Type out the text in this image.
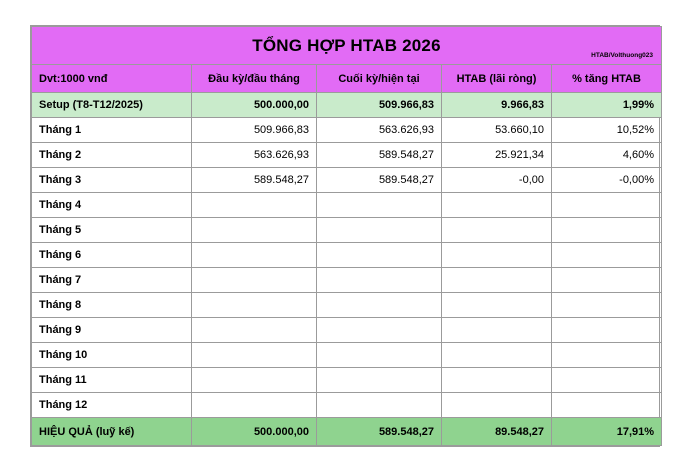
TỔNG HỢP HTAB 2026
HTAB/Volthuong023				

Dvt:1000 vnđ	Đầu kỳ/đầu tháng	Cuối kỳ/hiện tại	HTAB (lãi ròng)	% tăng HTAB
Setup (T8-T12/2025)	500.000,00	509.966,83	9.966,83	1,99%
Tháng 1	509.966,83	563.626,93	53.660,10	10,52%
Tháng 2	563.626,93	589.548,27	25.921,34	4,60%
Tháng 3	589.548,27	589.548,27	-0,00	-0,00%
Tháng 4				
Tháng 5				
Tháng 6				
Tháng 7				
Tháng 8				
Tháng 9				
Tháng 10				
Tháng 11				
Tháng 12				
HIỆU QUẢ (luỹ kế)	500.000,00	589.548,27	89.548,27	17,91%
